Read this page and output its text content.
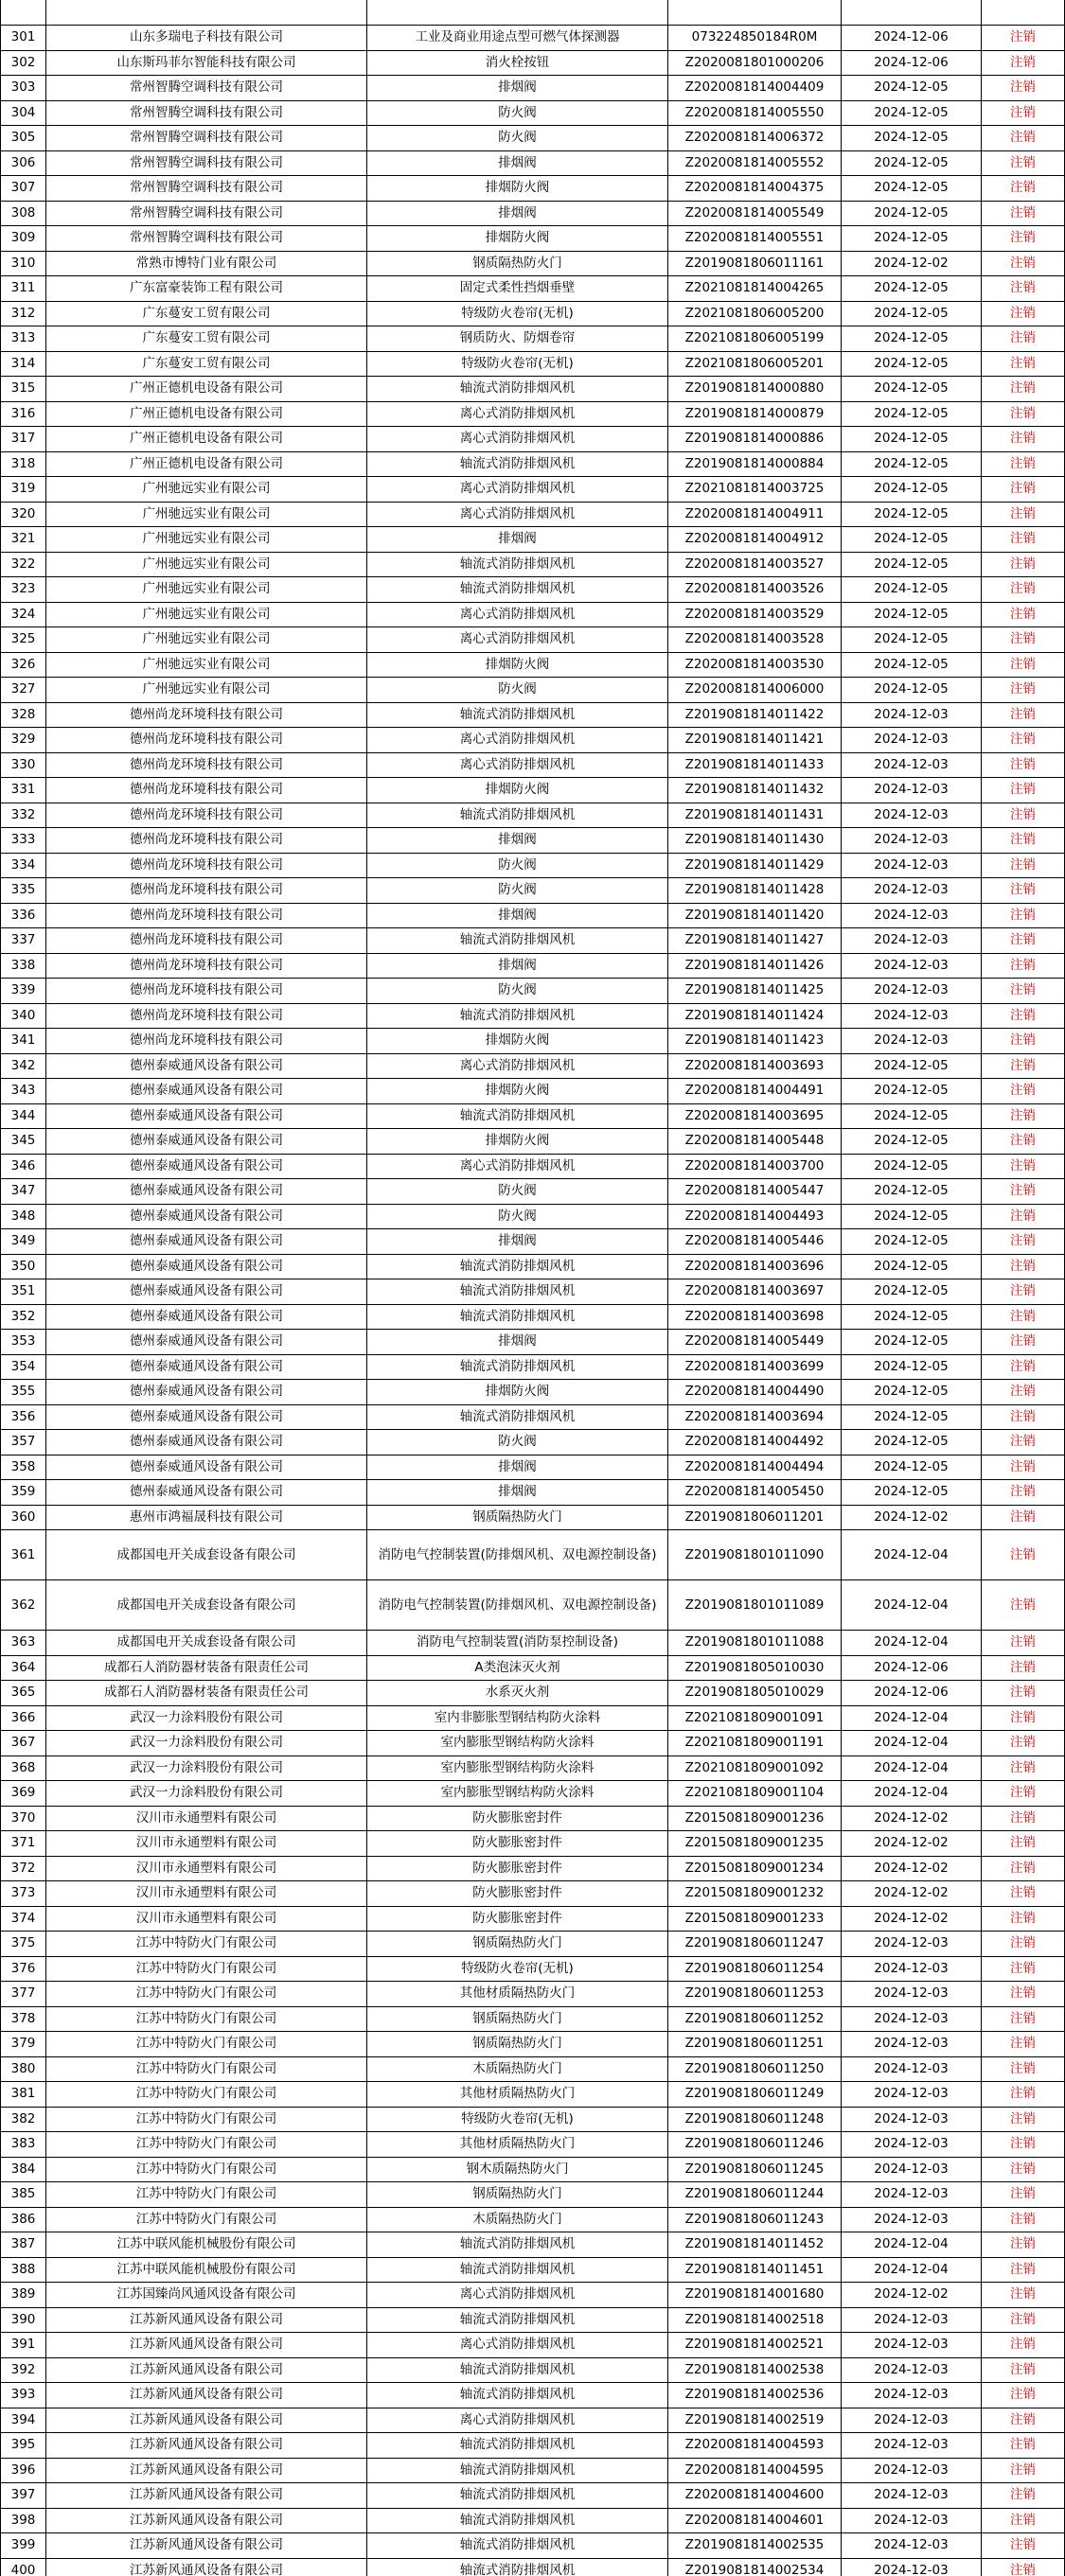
301	山东多瑞电子科技有限公司	工业及商业用途点型可燃气体探测器	073224850184R0M	2024-12-06	注销
302	山东斯玛菲尔智能科技有限公司	消火栓按钮	Z2020081801000206	2024-12-06	注销
303	常州智腾空调科技有限公司	排烟阀	Z2020081814004409	2024-12-05	注销
304	常州智腾空调科技有限公司	防火阀	Z2020081814005550	2024-12-05	注销
305	常州智腾空调科技有限公司	防火阀	Z2020081814006372	2024-12-05	注销
306	常州智腾空调科技有限公司	排烟阀	Z2020081814005552	2024-12-05	注销
307	常州智腾空调科技有限公司	排烟防火阀	Z2020081814004375	2024-12-05	注销
308	常州智腾空调科技有限公司	排烟阀	Z2020081814005549	2024-12-05	注销
309	常州智腾空调科技有限公司	排烟防火阀	Z2020081814005551	2024-12-05	注销
310	常熟市博特门业有限公司	钢质隔热防火门	Z2019081806011161	2024-12-02	注销
311	广东富豪装饰工程有限公司	固定式柔性挡烟垂壁	Z2021081814004265	2024-12-05	注销
312	广东蔓安工贸有限公司	特级防火卷帘(无机)	Z2021081806005200	2024-12-05	注销
313	广东蔓安工贸有限公司	钢质防火、防烟卷帘	Z2021081806005199	2024-12-05	注销
314	广东蔓安工贸有限公司	特级防火卷帘(无机)	Z2021081806005201	2024-12-05	注销
315	广州正德机电设备有限公司	轴流式消防排烟风机	Z2019081814000880	2024-12-05	注销
316	广州正德机电设备有限公司	离心式消防排烟风机	Z2019081814000879	2024-12-05	注销
317	广州正德机电设备有限公司	离心式消防排烟风机	Z2019081814000886	2024-12-05	注销
318	广州正德机电设备有限公司	轴流式消防排烟风机	Z2019081814000884	2024-12-05	注销
319	广州驰远实业有限公司	离心式消防排烟风机	Z2021081814003725	2024-12-05	注销
320	广州驰远实业有限公司	离心式消防排烟风机	Z2020081814004911	2024-12-05	注销
321	广州驰远实业有限公司	排烟阀	Z2020081814004912	2024-12-05	注销
322	广州驰远实业有限公司	轴流式消防排烟风机	Z2020081814003527	2024-12-05	注销
323	广州驰远实业有限公司	轴流式消防排烟风机	Z2020081814003526	2024-12-05	注销
324	广州驰远实业有限公司	离心式消防排烟风机	Z2020081814003529	2024-12-05	注销
325	广州驰远实业有限公司	离心式消防排烟风机	Z2020081814003528	2024-12-05	注销
326	广州驰远实业有限公司	排烟防火阀	Z2020081814003530	2024-12-05	注销
327	广州驰远实业有限公司	防火阀	Z2020081814006000	2024-12-05	注销
328	德州尚龙环境科技有限公司	轴流式消防排烟风机	Z2019081814011422	2024-12-03	注销
329	德州尚龙环境科技有限公司	离心式消防排烟风机	Z2019081814011421	2024-12-03	注销
330	德州尚龙环境科技有限公司	离心式消防排烟风机	Z2019081814011433	2024-12-03	注销
331	德州尚龙环境科技有限公司	排烟防火阀	Z2019081814011432	2024-12-03	注销
332	德州尚龙环境科技有限公司	轴流式消防排烟风机	Z2019081814011431	2024-12-03	注销
333	德州尚龙环境科技有限公司	排烟阀	Z2019081814011430	2024-12-03	注销
334	德州尚龙环境科技有限公司	防火阀	Z2019081814011429	2024-12-03	注销
335	德州尚龙环境科技有限公司	防火阀	Z2019081814011428	2024-12-03	注销
336	德州尚龙环境科技有限公司	排烟阀	Z2019081814011420	2024-12-03	注销
337	德州尚龙环境科技有限公司	轴流式消防排烟风机	Z2019081814011427	2024-12-03	注销
338	德州尚龙环境科技有限公司	排烟阀	Z2019081814011426	2024-12-03	注销
339	德州尚龙环境科技有限公司	防火阀	Z2019081814011425	2024-12-03	注销
340	德州尚龙环境科技有限公司	轴流式消防排烟风机	Z2019081814011424	2024-12-03	注销
341	德州尚龙环境科技有限公司	排烟防火阀	Z2019081814011423	2024-12-03	注销
342	德州泰威通风设备有限公司	离心式消防排烟风机	Z2020081814003693	2024-12-05	注销
343	德州泰威通风设备有限公司	排烟防火阀	Z2020081814004491	2024-12-05	注销
344	德州泰威通风设备有限公司	轴流式消防排烟风机	Z2020081814003695	2024-12-05	注销
345	德州泰威通风设备有限公司	排烟防火阀	Z2020081814005448	2024-12-05	注销
346	德州泰威通风设备有限公司	离心式消防排烟风机	Z2020081814003700	2024-12-05	注销
347	德州泰威通风设备有限公司	防火阀	Z2020081814005447	2024-12-05	注销
348	德州泰威通风设备有限公司	防火阀	Z2020081814004493	2024-12-05	注销
349	德州泰威通风设备有限公司	排烟阀	Z2020081814005446	2024-12-05	注销
350	德州泰威通风设备有限公司	轴流式消防排烟风机	Z2020081814003696	2024-12-05	注销
351	德州泰威通风设备有限公司	轴流式消防排烟风机	Z2020081814003697	2024-12-05	注销
352	德州泰威通风设备有限公司	轴流式消防排烟风机	Z2020081814003698	2024-12-05	注销
353	德州泰威通风设备有限公司	排烟阀	Z2020081814005449	2024-12-05	注销
354	德州泰威通风设备有限公司	轴流式消防排烟风机	Z2020081814003699	2024-12-05	注销
355	德州泰威通风设备有限公司	排烟防火阀	Z2020081814004490	2024-12-05	注销
356	德州泰威通风设备有限公司	轴流式消防排烟风机	Z2020081814003694	2024-12-05	注销
357	德州泰威通风设备有限公司	防火阀	Z2020081814004492	2024-12-05	注销
358	德州泰威通风设备有限公司	排烟阀	Z2020081814004494	2024-12-05	注销
359	德州泰威通风设备有限公司	排烟阀	Z2020081814005450	2024-12-05	注销
360	惠州市鸿福晟科技有限公司	钢质隔热防火门	Z2019081806011201	2024-12-02	注销
361	成都国电开关成套设备有限公司	消防电气控制装置(防排烟风机、双电源控制设备)	Z2019081801011090	2024-12-04	注销
362	成都国电开关成套设备有限公司	消防电气控制装置(防排烟风机、双电源控制设备)	Z2019081801011089	2024-12-04	注销
363	成都国电开关成套设备有限公司	消防电气控制装置(消防泵控制设备)	Z2019081801011088	2024-12-04	注销
364	成都石人消防器材装备有限责任公司	A类泡沫灭火剂	Z2019081805010030	2024-12-06	注销
365	成都石人消防器材装备有限责任公司	水系灭火剂	Z2019081805010029	2024-12-06	注销
366	武汉一力涂料股份有限公司	室内非膨胀型钢结构防火涂料	Z2021081809001091	2024-12-04	注销
367	武汉一力涂料股份有限公司	室内膨胀型钢结构防火涂料	Z2021081809001191	2024-12-04	注销
368	武汉一力涂料股份有限公司	室内膨胀型钢结构防火涂料	Z2021081809001092	2024-12-04	注销
369	武汉一力涂料股份有限公司	室内膨胀型钢结构防火涂料	Z2021081809001104	2024-12-04	注销
370	汉川市永通塑料有限公司	防火膨胀密封件	Z2015081809001236	2024-12-02	注销
371	汉川市永通塑料有限公司	防火膨胀密封件	Z2015081809001235	2024-12-02	注销
372	汉川市永通塑料有限公司	防火膨胀密封件	Z2015081809001234	2024-12-02	注销
373	汉川市永通塑料有限公司	防火膨胀密封件	Z2015081809001232	2024-12-02	注销
374	汉川市永通塑料有限公司	防火膨胀密封件	Z2015081809001233	2024-12-02	注销
375	江苏中特防火门有限公司	钢质隔热防火门	Z2019081806011247	2024-12-03	注销
376	江苏中特防火门有限公司	特级防火卷帘(无机)	Z2019081806011254	2024-12-03	注销
377	江苏中特防火门有限公司	其他材质隔热防火门	Z2019081806011253	2024-12-03	注销
378	江苏中特防火门有限公司	钢质隔热防火门	Z2019081806011252	2024-12-03	注销
379	江苏中特防火门有限公司	钢质隔热防火门	Z2019081806011251	2024-12-03	注销
380	江苏中特防火门有限公司	木质隔热防火门	Z2019081806011250	2024-12-03	注销
381	江苏中特防火门有限公司	其他材质隔热防火门	Z2019081806011249	2024-12-03	注销
382	江苏中特防火门有限公司	特级防火卷帘(无机)	Z2019081806011248	2024-12-03	注销
383	江苏中特防火门有限公司	其他材质隔热防火门	Z2019081806011246	2024-12-03	注销
384	江苏中特防火门有限公司	钢木质隔热防火门	Z2019081806011245	2024-12-03	注销
385	江苏中特防火门有限公司	钢质隔热防火门	Z2019081806011244	2024-12-03	注销
386	江苏中特防火门有限公司	木质隔热防火门	Z2019081806011243	2024-12-03	注销
387	江苏中联风能机械股份有限公司	轴流式消防排烟风机	Z2019081814011452	2024-12-04	注销
388	江苏中联风能机械股份有限公司	轴流式消防排烟风机	Z2019081814011451	2024-12-04	注销
389	江苏国臻尚风通风设备有限公司	离心式消防排烟风机	Z2019081814001680	2024-12-02	注销
390	江苏新风通风设备有限公司	轴流式消防排烟风机	Z2019081814002518	2024-12-03	注销
391	江苏新风通风设备有限公司	离心式消防排烟风机	Z2019081814002521	2024-12-03	注销
392	江苏新风通风设备有限公司	轴流式消防排烟风机	Z2019081814002538	2024-12-03	注销
393	江苏新风通风设备有限公司	轴流式消防排烟风机	Z2019081814002536	2024-12-03	注销
394	江苏新风通风设备有限公司	离心式消防排烟风机	Z2019081814002519	2024-12-03	注销
395	江苏新风通风设备有限公司	轴流式消防排烟风机	Z2020081814004593	2024-12-03	注销
396	江苏新风通风设备有限公司	轴流式消防排烟风机	Z2020081814004595	2024-12-03	注销
397	江苏新风通风设备有限公司	轴流式消防排烟风机	Z2020081814004600	2024-12-03	注销
398	江苏新风通风设备有限公司	轴流式消防排烟风机	Z2020081814004601	2024-12-03	注销
399	江苏新风通风设备有限公司	轴流式消防排烟风机	Z2019081814002535	2024-12-03	注销
400	江苏新风通风设备有限公司	轴流式消防排烟风机	Z2019081814002534	2024-12-03	注销
